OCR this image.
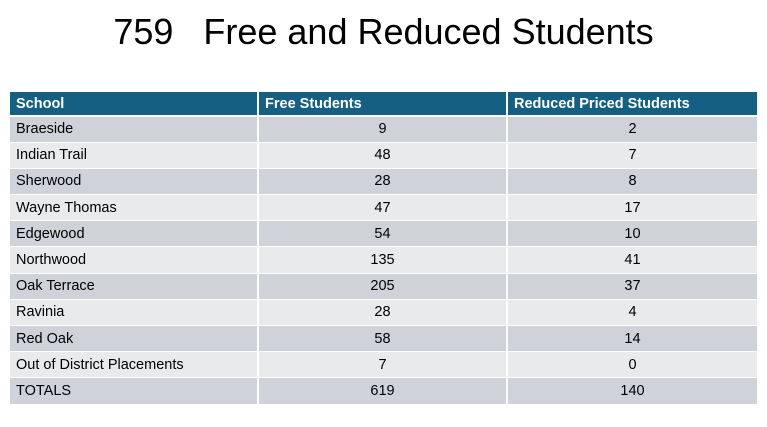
759   Free and Reduced Students
School	Free Students	Reduced Priced Students
Braeside	9	2
Indian Trail	48	7
Sherwood	28	8
Wayne Thomas	47	17
Edgewood	54	10
Northwood	135	41
Oak Terrace	205	37
Ravinia	28	4
Red Oak	58	14
Out of District Placements	7	0
TOTALS	619	140
